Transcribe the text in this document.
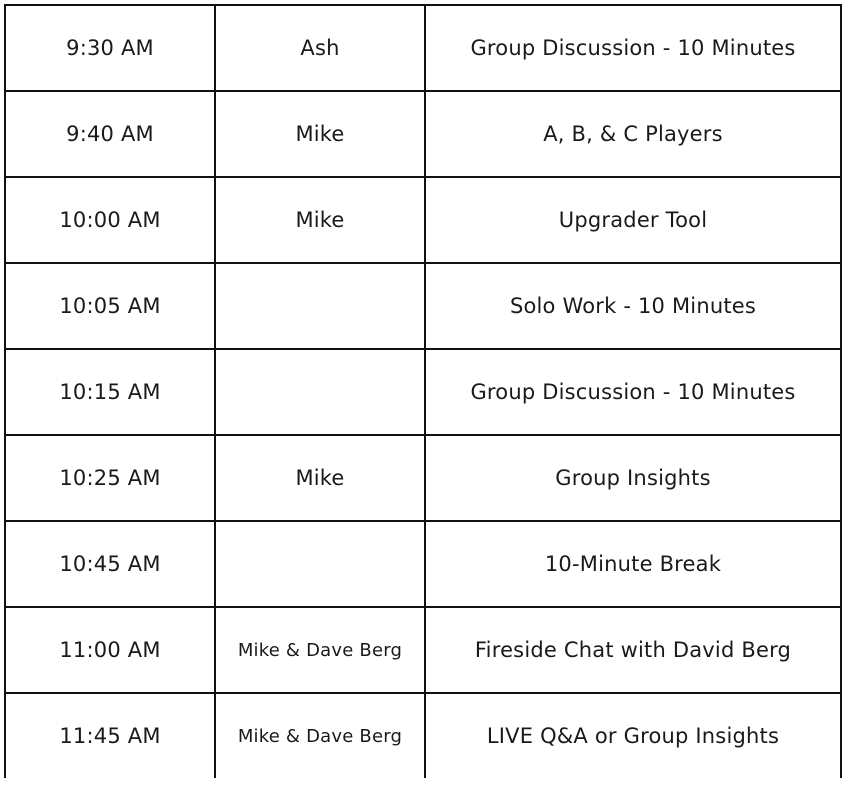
9:30 AM	Ash	Group Discussion - 10 Minutes
9:40 AM	Mike	A, B, & C Players
10:00 AM	Mike	Upgrader Tool
10:05 AM		Solo Work - 10 Minutes
10:15 AM		Group Discussion - 10 Minutes
10:25 AM	Mike	Group Insights
10:45 AM		10-Minute Break
11:00 AM	Mike & Dave Berg	Fireside Chat with David Berg
11:45 AM	Mike & Dave Berg	LIVE Q&A or Group Insights
